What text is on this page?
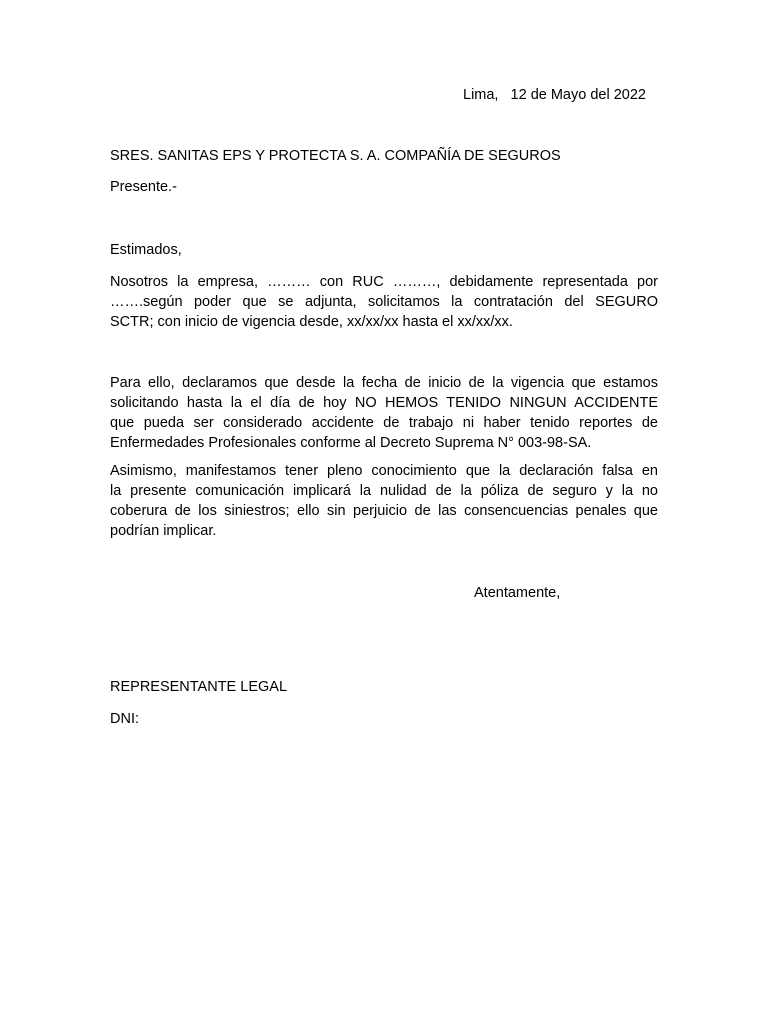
Lima,   12 de Mayo del 2022
SRES. SANITAS EPS Y PROTECTA S. A. COMPAÑÍA DE SEGUROS
Presente.-
Estimados,
Nosotros la empresa, ……… con RUC ………, debidamente representada por
…….según poder que se adjunta, solicitamos la contratación del SEGURO
SCTR; con inicio de vigencia desde, xx/xx/xx hasta el xx/xx/xx.
Para ello, declaramos que desde la fecha de inicio de la vigencia que estamos
solicitando hasta la el día de hoy NO HEMOS TENIDO NINGUN ACCIDENTE
que pueda ser considerado accidente de trabajo ni haber tenido reportes de
Enfermedades Profesionales conforme al Decreto Suprema N° 003-98-SA.
Asimismo, manifestamos tener pleno conocimiento que la declaración falsa en
la presente comunicación implicará la nulidad de la póliza de seguro y la no
coberura de los siniestros; ello sin perjuicio de las consencuencias penales que
podrían implicar.
Atentamente,
REPRESENTANTE LEGAL
DNI:
